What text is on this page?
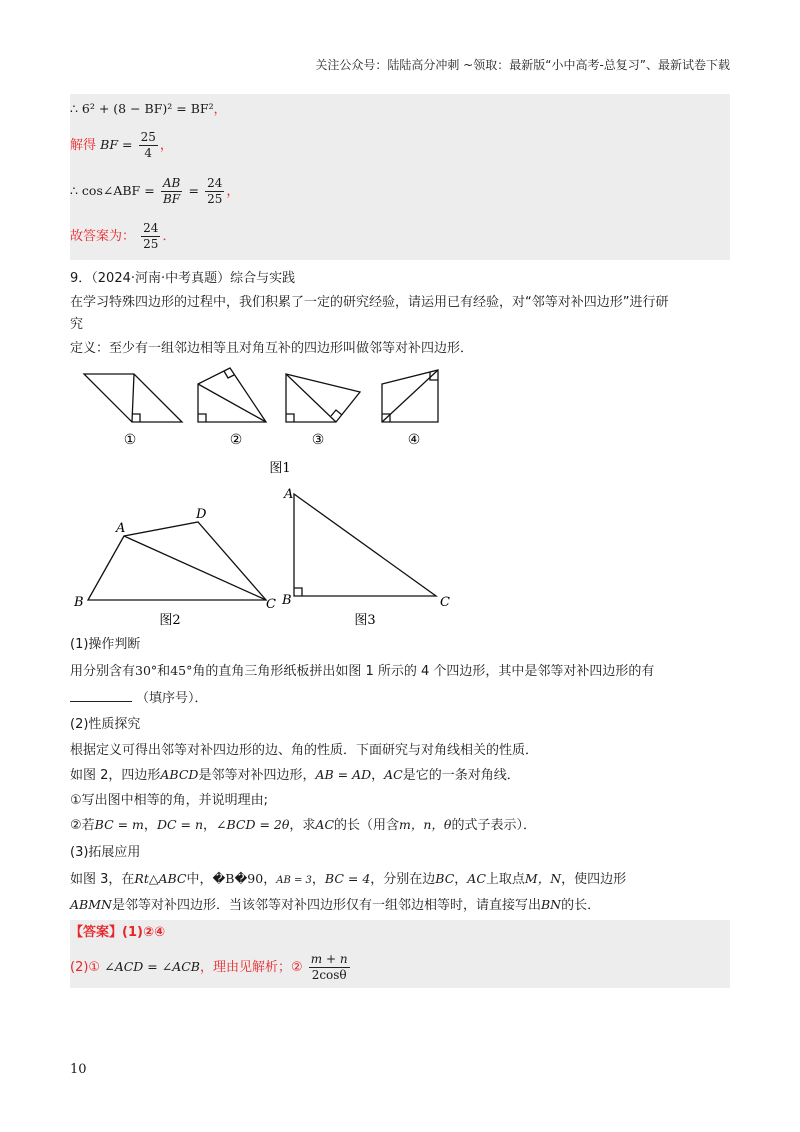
关注公众号：陆陆高分冲刺 ~领取：最新版“小中高考-总复习”、最新试卷下载
∴ 6² + (8 − BF)² = BF²，
解得 BF = $\frac{25}{4}$ ，
∴ cos∠ABF = $\frac{AB}{BF} = \frac{24}{25}$ ，
故答案为： $\frac{24}{25}$ ．
9．（2024·河南·中考真题）综合与实践
在学习特殊四边形的过程中，我们积累了一定的研究经验，请运用已有经验，对“邻等对补四边形”进行研
究
定义：至少有一组邻边相等且对角互补的四边形叫做邻等对补四边形．
①	②	③	④
图1
A
D
B	C
图2
A
B	C
图3
(1)操作判断
用分别含有30°和45°角的直角三角形纸板拼出如图 1 所示的 4 个四边形，其中是邻等对补四边形的有
（填序号）．
(2)性质探究
根据定义可得出邻等对补四边形的边、角的性质．下面研究与对角线相关的性质．
如图 2，四边形ABCD是邻等对补四边形，AB = AD，AC是它的一条对角线．
①写出图中相等的角，并说明理由;
②若BC = m，DC = n，∠BCD = 2θ，求AC的长（用含m，n，θ的式子表示）．
(3)拓展应用
如图 3，在Rt△ABC中，�B�90，AB = 3，BC = 4，分别在边BC，AC上取点M，N，使四边形
ABMN是邻等对补四边形．当该邻等对补四边形仅有一组邻边相等时，请直接写出BN的长．
【答案】(1)②④
(2)① ∠ACD = ∠ACB，理由见解析；② $\frac{m + n}{2\cos\theta}$
10
